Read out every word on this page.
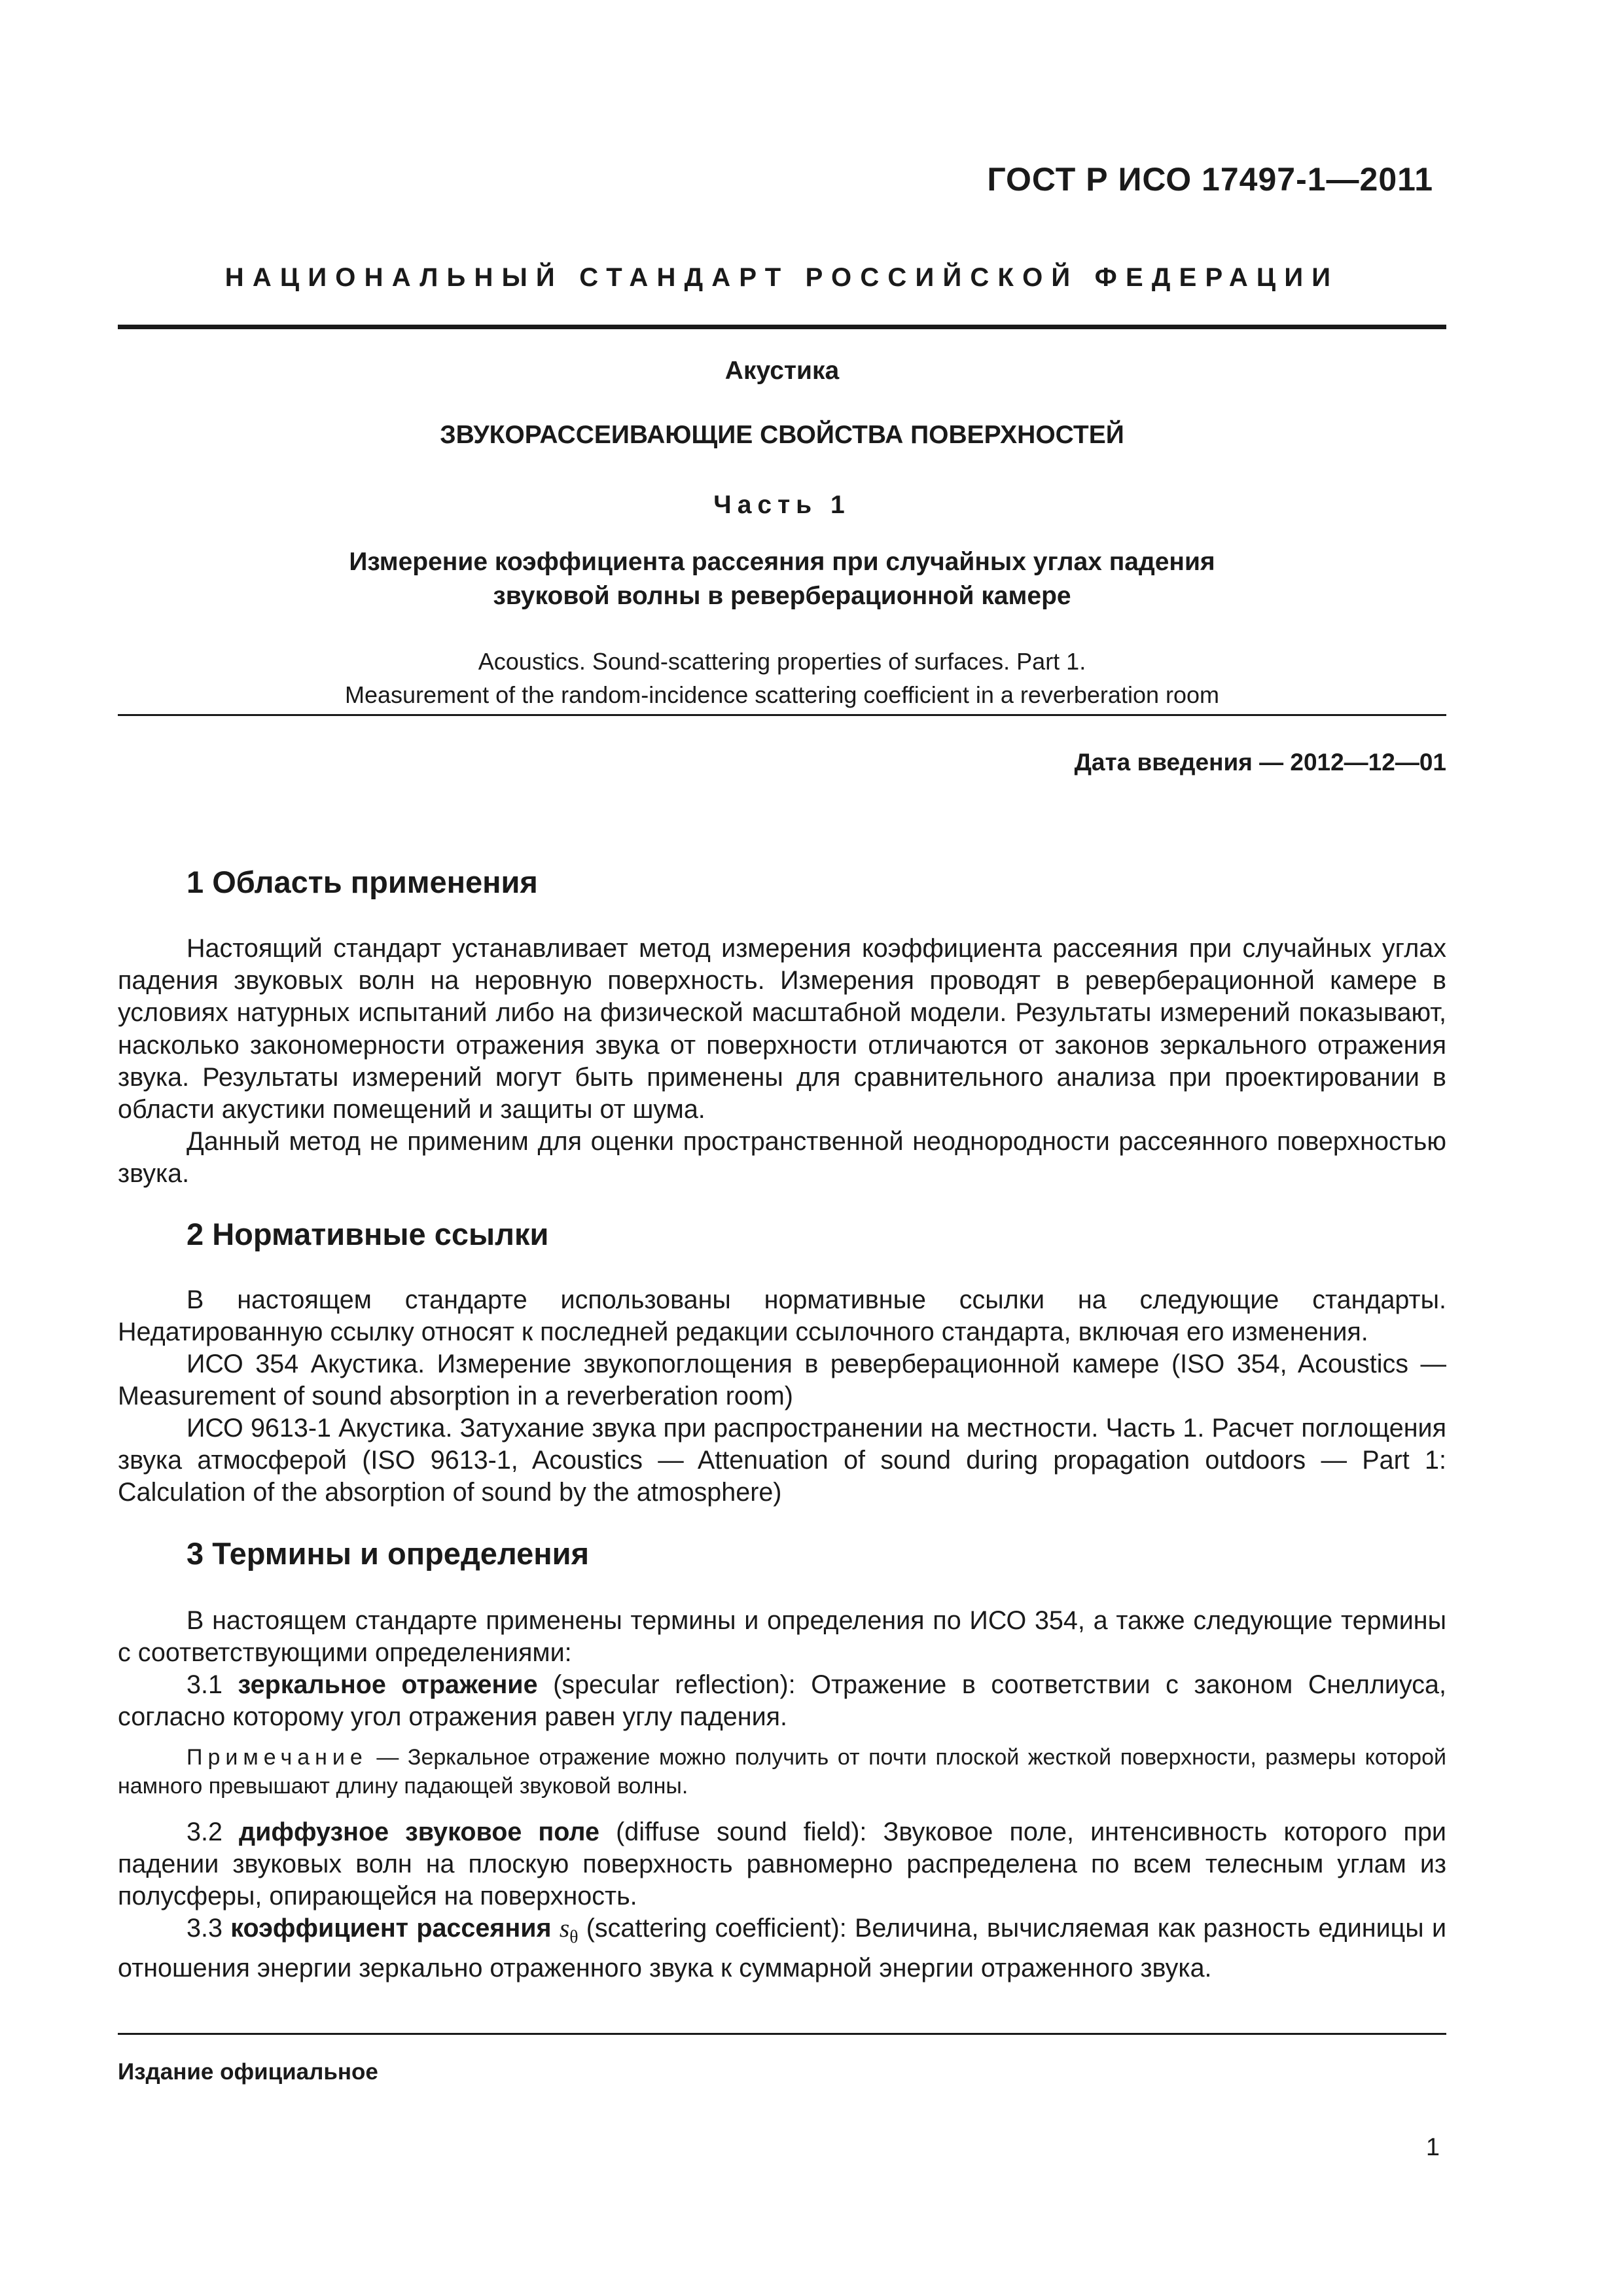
ГОСТ Р ИСО 17497-1—2011
НАЦИОНАЛЬНЫЙ СТАНДАРТ РОССИЙСКОЙ ФЕДЕРАЦИИ
Акустика
ЗВУКОРАССЕИВАЮЩИЕ СВОЙСТВА ПОВЕРХНОСТЕЙ
Часть 1
Измерение коэффициента рассеяния при случайных углах падения
звуковой волны в реверберационной камере
Acoustics. Sound-scattering properties of surfaces. Part 1.
Measurement of the random-incidence scattering coefficient in a reverberation room
Дата введения — 2012—12—01
1 Область применения
Настоящий стандарт устанавливает метод измерения коэффициента рассеяния при случайных углах падения звуковых волн на неровную поверхность. Измерения проводят в реверберационной камере в условиях натурных испытаний либо на физической масштабной модели. Результаты измерений показывают, насколько закономерности отражения звука от поверхности отличаются от законов зеркального отражения звука. Результаты измерений могут быть применены для сравнительного анализа при проектировании в области акустики помещений и защиты от шума.
Данный метод не применим для оценки пространственной неоднородности рассеянного поверхностью звука.
2 Нормативные ссылки
В настоящем стандарте использованы нормативные ссылки на следующие стандарты. Недатированную ссылку относят к последней редакции ссылочного стандарта, включая его изменения.
ИСО 354 Акустика. Измерение звукопоглощения в реверберационной камере (ISO 354, Acoustics — Measurement of sound absorption in a reverberation room)
ИСО 9613-1 Акустика. Затухание звука при распространении на местности. Часть 1. Расчет поглощения звука атмосферой (ISO 9613-1, Acoustics — Attenuation of sound during propagation outdoors — Part 1: Calculation of the absorption of sound by the atmosphere)
3 Термины и определения
В настоящем стандарте применены термины и определения по ИСО 354, а также следующие термины с соответствующими определениями:
3.1 зеркальное отражение (specular reflection): Отражение в соответствии с законом Снеллиуса, согласно которому угол отражения равен углу падения.
Примечание — Зеркальное отражение можно получить от почти плоской жесткой поверхности, размеры которой намного превышают длину падающей звуковой волны.
3.2 диффузное звуковое поле (diffuse sound field): Звуковое поле, интенсивность которого при падении звуковых волн на плоскую поверхность равномерно распределена по всем телесным углам из полусферы, опирающейся на поверхность.
3.3 коэффициент рассеяния $s_\theta$ (scattering coefficient): Величина, вычисляемая как разность единицы и отношения энергии зеркально отраженного звука к суммарной энергии отраженного звука.
Издание официальное
1
